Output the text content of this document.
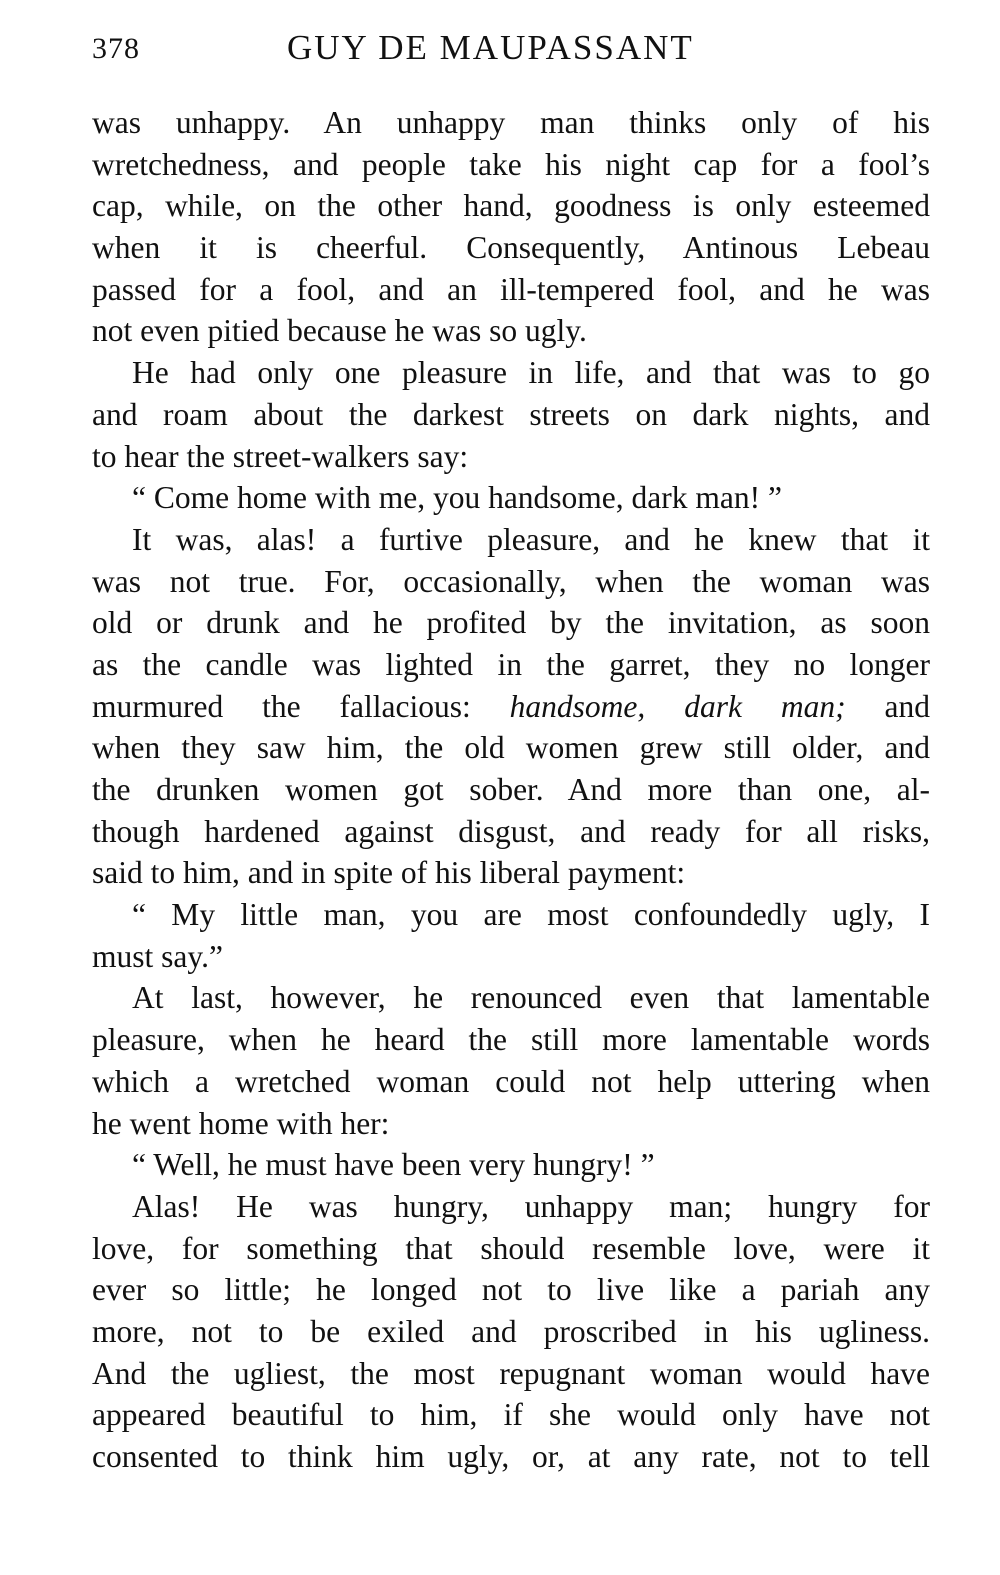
378	GUY DE MAUPASSANT
was unhappy. An unhappy man thinks only of his
wretchedness, and people take his night cap for a fool’s
cap, while, on the other hand, goodness is only esteemed
when it is cheerful. Consequently, Antinous Lebeau
passed for a fool, and an ill-tempered fool, and he was
not even pitied because he was so ugly.
He had only one pleasure in life, and that was to go
and roam about the darkest streets on dark nights, and
to hear the street-walkers say:
“ Come home with me, you handsome, dark man! ”
It was, alas! a furtive pleasure, and he knew that it
was not true. For, occasionally, when the woman was
old or drunk and he profited by the invitation, as soon
as the candle was lighted in the garret, they no longer
murmured the fallacious: handsome, dark man; and
when they saw him, the old women grew still older, and
the drunken women got sober. And more than one, al-
though hardened against disgust, and ready for all risks,
said to him, and in spite of his liberal payment:
“ My little man, you are most confoundedly ugly, I
must say.”
At last, however, he renounced even that lamentable
pleasure, when he heard the still more lamentable words
which a wretched woman could not help uttering when
he went home with her:
“ Well, he must have been very hungry! ”
Alas! He was hungry, unhappy man; hungry for
love, for something that should resemble love, were it
ever so little; he longed not to live like a pariah any
more, not to be exiled and proscribed in his ugliness.
And the ugliest, the most repugnant woman would have
appeared beautiful to him, if she would only have not
consented to think him ugly, or, at any rate, not to tell
